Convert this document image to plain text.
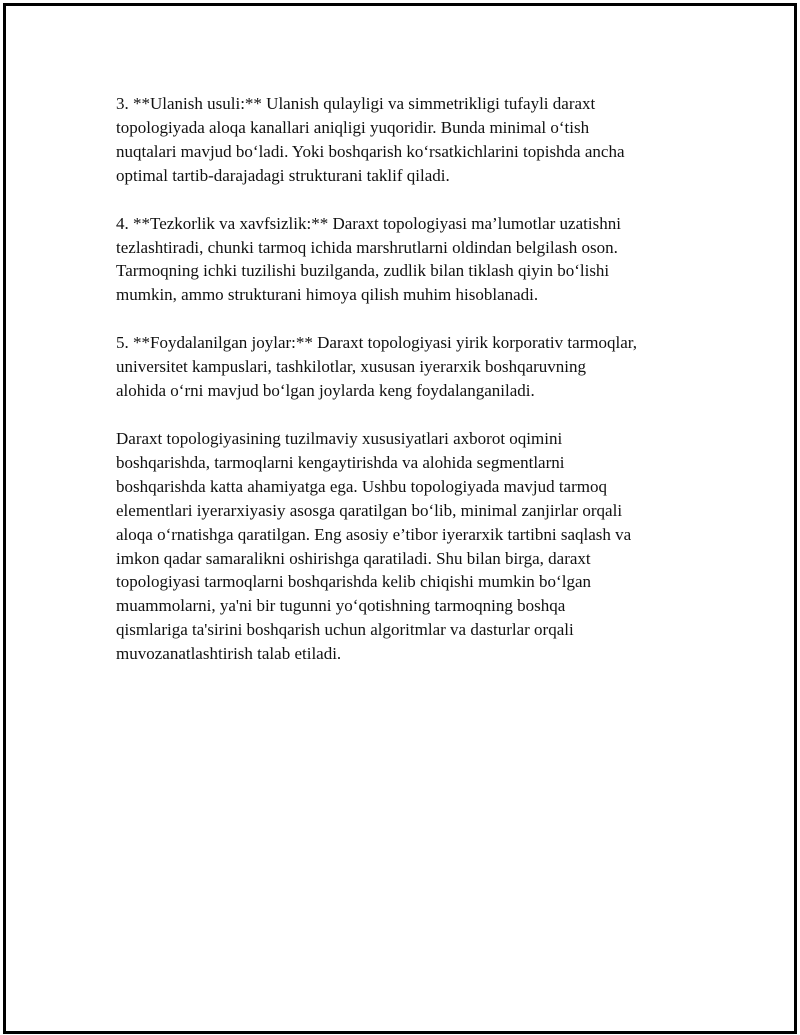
3. **Ulanish usuli:** Ulanish qulayligi va simmetrikligi tufayli daraxt
topologiyada aloqa kanallari aniqligi yuqoridir. Bunda minimal o‘tish
nuqtalari mavjud bo‘ladi. Yoki boshqarish ko‘rsatkichlarini topishda ancha
optimal tartib-darajadagi strukturani taklif qiladi.

4. **Tezkorlik va xavfsizlik:** Daraxt topologiyasi ma’lumotlar uzatishni
tezlashtiradi, chunki tarmoq ichida marshrutlarni oldindan belgilash oson.
Tarmoqning ichki tuzilishi buzilganda, zudlik bilan tiklash qiyin bo‘lishi
mumkin, ammo strukturani himoya qilish muhim hisoblanadi.

5. **Foydalanilgan joylar:** Daraxt topologiyasi yirik korporativ tarmoqlar,
universitet kampuslari, tashkilotlar, xususan iyerarxik boshqaruvning
alohida o‘rni mavjud bo‘lgan joylarda keng foydalanganiladi.

Daraxt topologiyasining tuzilmaviy xususiyatlari axborot oqimini
boshqarishda, tarmoqlarni kengaytirishda va alohida segmentlarni
boshqarishda katta ahamiyatga ega. Ushbu topologiyada mavjud tarmoq
elementlari iyerarxiyasiy asosga qaratilgan bo‘lib, minimal zanjirlar orqali
aloqa o‘rnatishga qaratilgan. Eng asosiy e’tibor iyerarxik tartibni saqlash va
imkon qadar samaralikni oshirishga qaratiladi. Shu bilan birga, daraxt
topologiyasi tarmoqlarni boshqarishda kelib chiqishi mumkin bo‘lgan
muammolarni, ya'ni bir tugunni yo‘qotishning tarmoqning boshqa
qismlariga ta'sirini boshqarish uchun algoritmlar va dasturlar orqali
muvozanatlashtirish talab etiladi.
